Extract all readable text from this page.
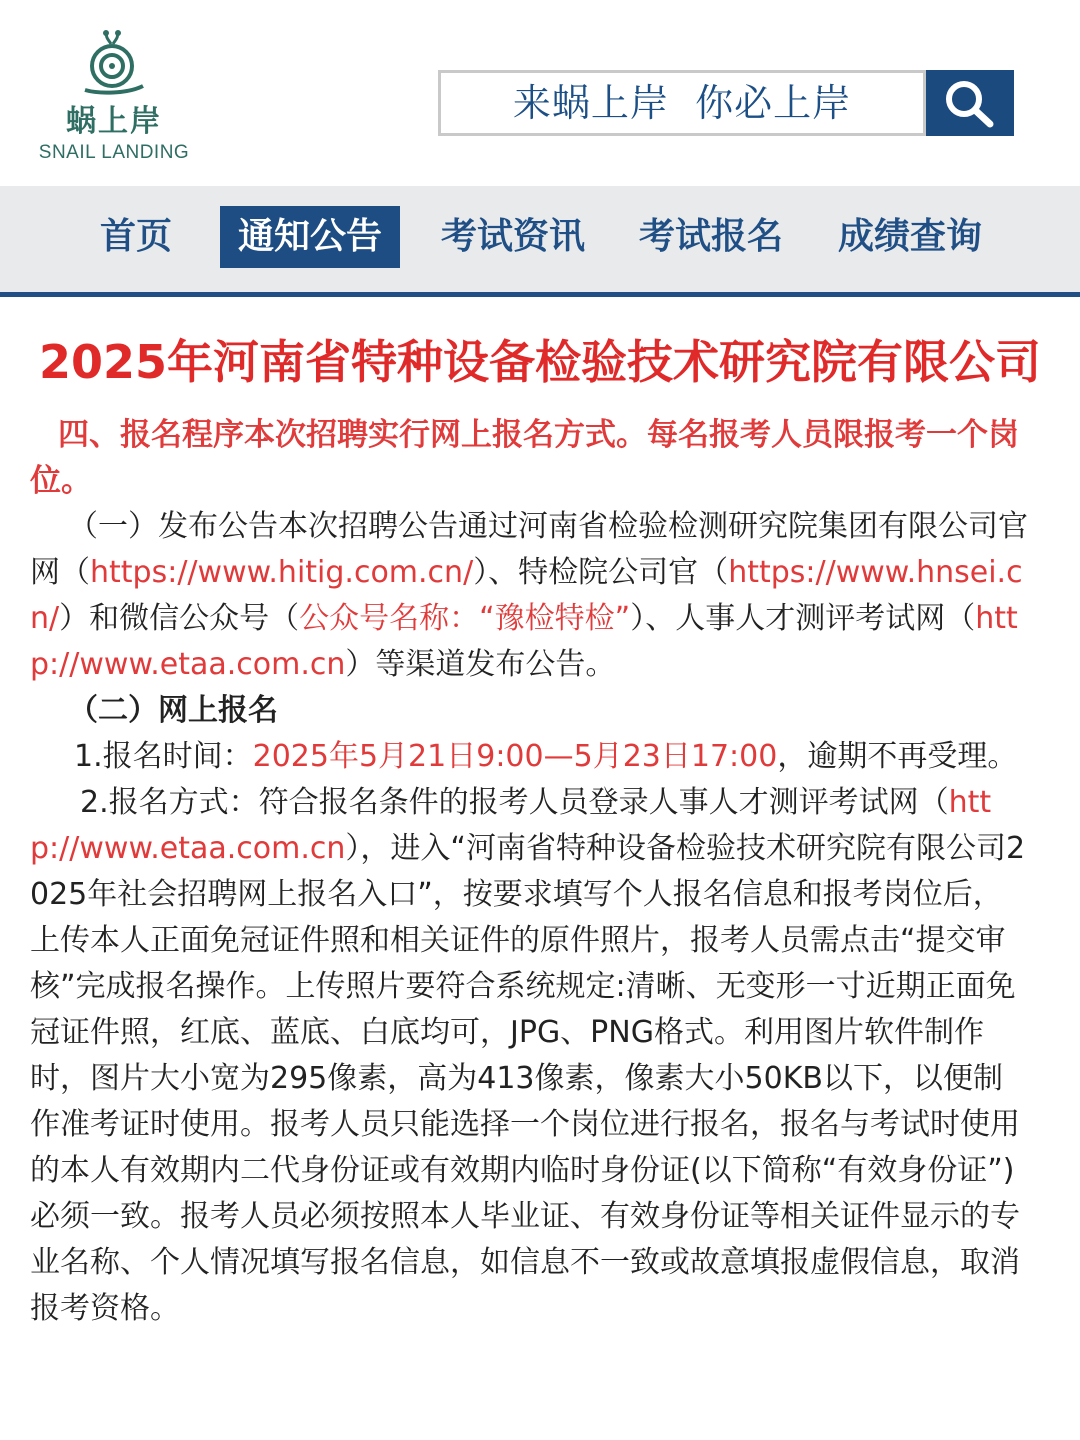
蜗上岸
SNAIL LANDING
来蜗上岸 你必上岸
首页	通知公告	考试资讯	考试报名	成绩查询
2025年河南省特种设备检验技术研究院有限公司

四、报名程序本次招聘实行网上报名方式。每名报考人员限报考一个岗位。

（一）发布公告本次招聘公告通过河南省检验检测研究院集团有限公司官网（https://www.hitig.com.cn/）、特检院公司官（https://www.hnsei.cn/）和微信公众号（公众号名称：“豫检特检”）、人事人才测评考试网（http://www.etaa.com.cn）等渠道发布公告。

（二）网上报名

1.报名时间：2025年5月21日9:00—5月23日17:00，逾期不再受理。

2.报名方式：符合报名条件的报考人员登录人事人才测评考试网（http://www.etaa.com.cn），进入“河南省特种设备检验技术研究院有限公司2025年社会招聘网上报名入口”，按要求填写个人报名信息和报考岗位后，上传本人正面免冠证件照和相关证件的原件照片，报考人员需点击“提交审核”完成报名操作。上传照片要符合系统规定:清晰、无变形一寸近期正面免冠证件照，红底、蓝底、白底均可，JPG、PNG格式。利用图片软件制作时，图片大小宽为295像素，高为413像素，像素大小50KB以下，以便制作准考证时使用。报考人员只能选择一个岗位进行报名，报名与考试时使用的本人有效期内二代身份证或有效期内临时身份证(以下简称“有效身份证”)必须一致。报考人员必须按照本人毕业证、有效身份证等相关证件显示的专业名称、个人情况填写报名信息，如信息不一致或故意填报虚假信息，取消报考资格。
